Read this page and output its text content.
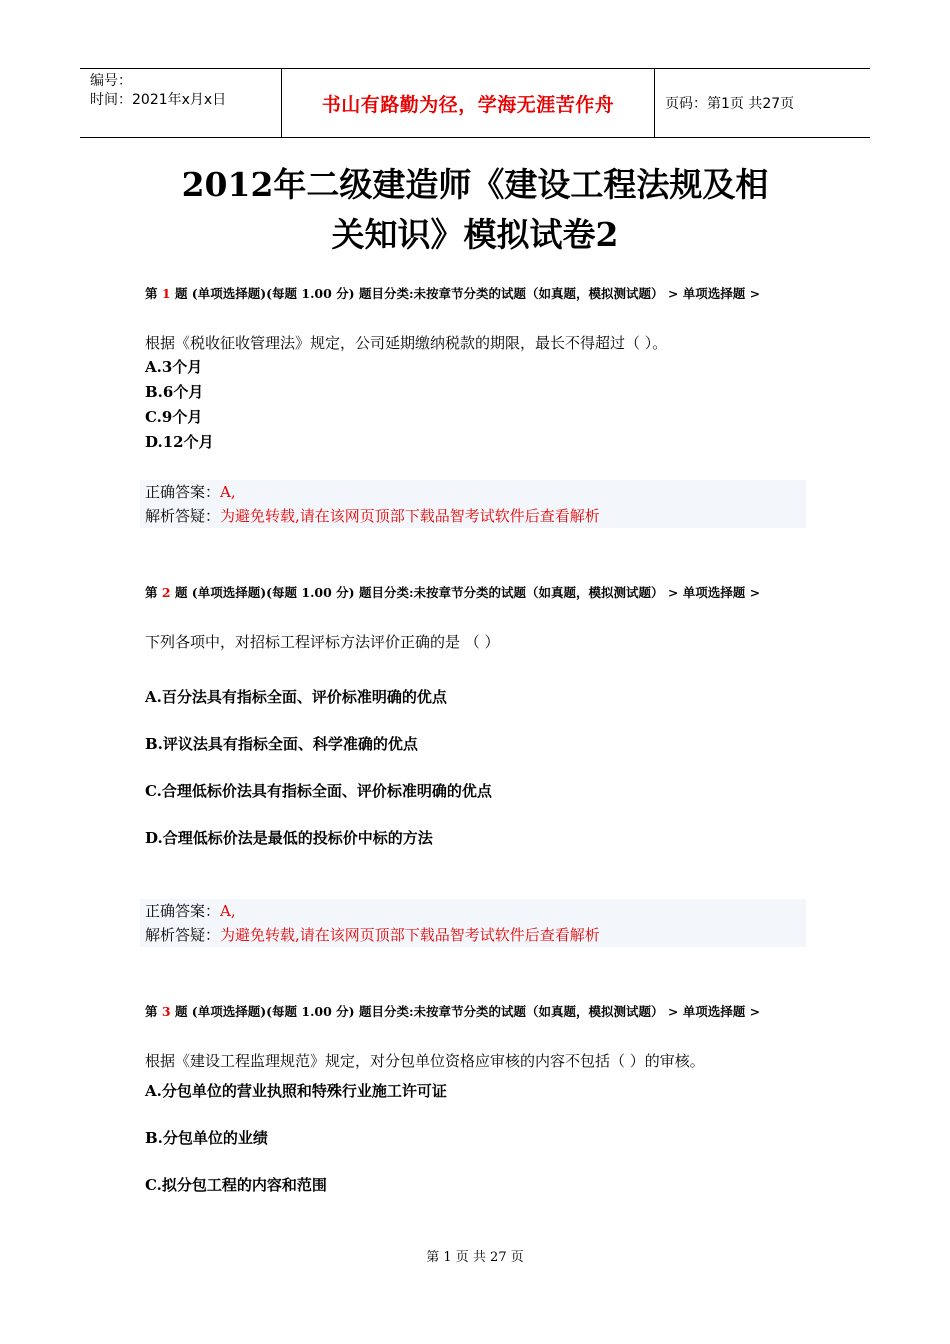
编号：
时间：2021年x月x日	书山有路勤为径，学海无涯苦作舟	页码：第1页 共27页
2012年二级建造师《建设工程法规及相
关知识》模拟试卷2
第 1 题 (单项选择题)(每题 1.00 分) 题目分类:未按章节分类的试题（如真题，模拟测试题） > 单项选择题 >
根据《税收征收管理法》规定，公司延期缴纳税款的期限，最长不得超过（ ）。
A.3个月
B.6个月
C.9个月
D.12个月
正确答案：A,
解析答疑：为避免转载,请在该网页顶部下载品智考试软件后查看解析
第 2 题 (单项选择题)(每题 1.00 分) 题目分类:未按章节分类的试题（如真题，模拟测试题） > 单项选择题 >
下列各项中，对招标工程评标方法评价正确的是 （ ）
A.百分法具有指标全面、评价标准明确的优点
B.评议法具有指标全面、科学准确的优点
C.合理低标价法具有指标全面、评价标准明确的优点
D.合理低标价法是最低的投标价中标的方法
正确答案：A,
解析答疑：为避免转载,请在该网页顶部下载品智考试软件后查看解析
第 3 题 (单项选择题)(每题 1.00 分) 题目分类:未按章节分类的试题（如真题，模拟测试题） > 单项选择题 >
根据《建设工程监理规范》规定，对分包单位资格应审核的内容不包括（ ）的审核。
A.分包单位的营业执照和特殊行业施工许可证
B.分包单位的业绩
C.拟分包工程的内容和范围
第 1 页 共 27 页
